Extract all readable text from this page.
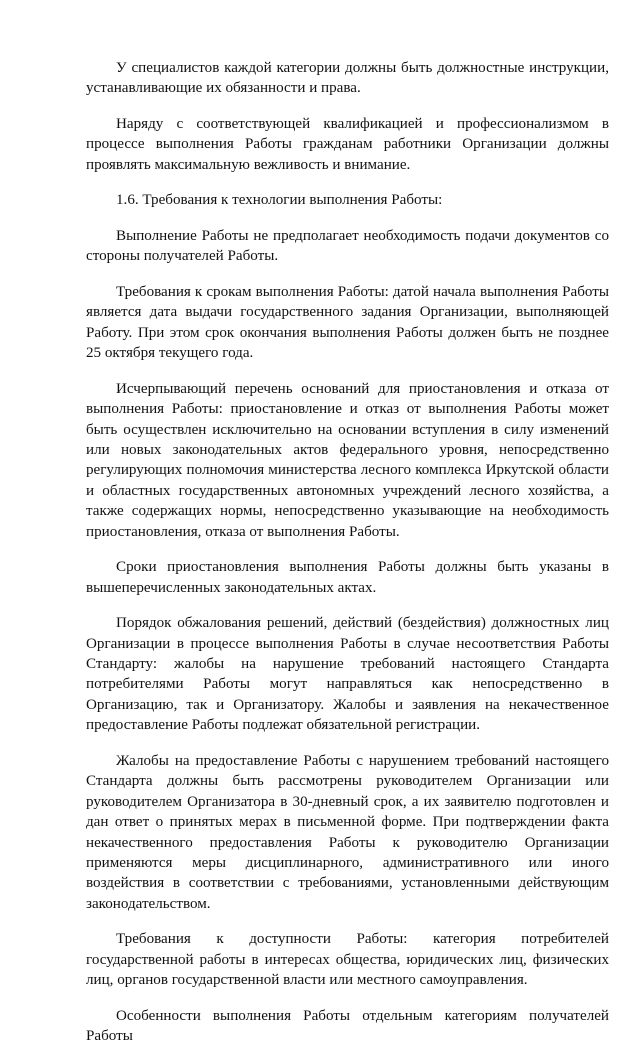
У специалистов каждой категории должны быть должностные инструкции, устанавливающие их обязанности и права.

Наряду с соответствующей квалификацией и профессионализмом в процессе выполнения Работы гражданам работники Организации должны проявлять максимальную вежливость и внимание.

1.6. Требования к технологии выполнения Работы:

Выполнение Работы не предполагает необходимость подачи документов со стороны получателей Работы.

Требования к срокам выполнения Работы: датой начала выполнения Работы является дата выдачи государственного задания Организации, выполняющей Работу. При этом срок окончания выполнения Работы должен быть не позднее 25 октября текущего года.

Исчерпывающий перечень оснований для приостановления и отказа от выполнения Работы: приостановление и отказ от выполнения Работы может быть осуществлен исключительно на основании вступления в силу изменений или новых законодательных актов федерального уровня, непосредственно регулирующих полномочия министерства лесного комплекса Иркутской области и областных государственных автономных учреждений лесного хозяйства, а также содержащих нормы, непосредственно указывающие на необходимость приостановления, отказа от выполнения Работы.

Сроки приостановления выполнения Работы должны быть указаны в вышеперечисленных законодательных актах.

Порядок обжалования решений, действий (бездействия) должностных лиц Организации в процессе выполнения Работы в случае несоответствия Работы Стандарту: жалобы на нарушение требований настоящего Стандарта потребителями Работы могут направляться как непосредственно в Организацию, так и Организатору. Жалобы и заявления на некачественное предоставление Работы подлежат обязательной регистрации.

Жалобы на предоставление Работы с нарушением требований настоящего Стандарта должны быть рассмотрены руководителем Организации или руководителем Организатора в 30-дневный срок, а их заявителю подготовлен и дан ответ о принятых мерах в письменной форме. При подтверждении факта некачественного предоставления Работы к руководителю Организации применяются меры дисциплинарного, административного или иного воздействия в соответствии с требованиями, установленными действующим законодательством.

Требования к доступности Работы: категория потребителей государственной работы в интересах общества, юридических лиц, физических лиц, органов государственной власти или местного самоуправления.

Особенности выполнения Работы отдельным категориям получателей Работы
